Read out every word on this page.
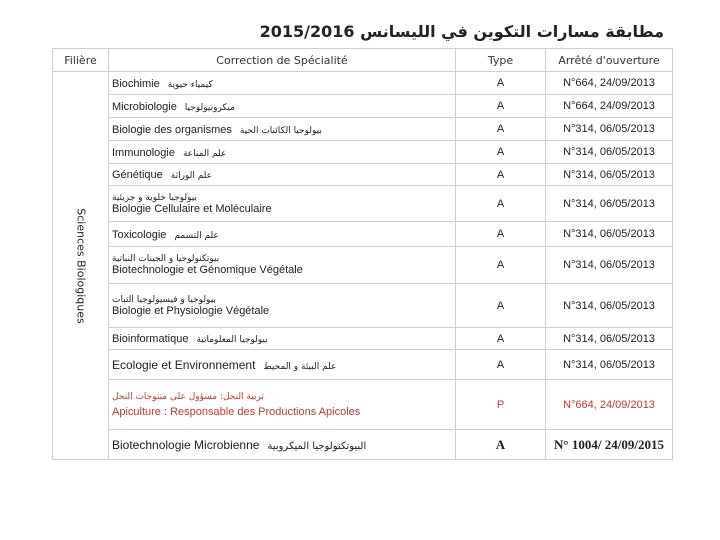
مطابقة مسارات التكوين في الليسانس 2015/2016
Filière	Correction de Spécialité	Type	Arrêté d'ouverture

Sciences Biologiques	Biochimie كيمياء حيوية	A	N°664, 24/09/2013
	Microbiologie ميكروبيولوجيا	A	N°664, 24/09/2013
	Biologie des organismes بيولوجيا الكائنات الحية	A	N°314, 06/05/2013
	Immunologie علم المناعة	A	N°314, 06/05/2013
	Génétique علم الوراثة	A	N°314, 06/05/2013

	بيولوجيا خلوية و جزيئية
Biologie Cellulaire et Moléculaire	A	N°314, 06/05/2013
	Toxicologie علم التسمم	A	N°314, 06/05/2013

	بيوتكنولوجيا و الجينات النباتية
Biotechnologie et Génomique Végétale	A	N°314, 06/05/2013

	بيولوجيا و فيسيولوجيا النبات
Biologie et Physiologie Végétale	A	N°314, 06/05/2013
	Bioinformatique بيولوجيا المعلوماتية	A	N°314, 06/05/2013
	Ecologie et Environnement علم البيئة و المحيط	A	N°314, 06/05/2013

	تربية النحل: مسؤول على منتوجات النحل
Apiculture : Responsable des Productions Apicoles	P	N°664, 24/09/2013
	Biotechnologie Microbienne البيوتكنولوجيا الميكروبية	A	N° 1004/ 24/09/2015
